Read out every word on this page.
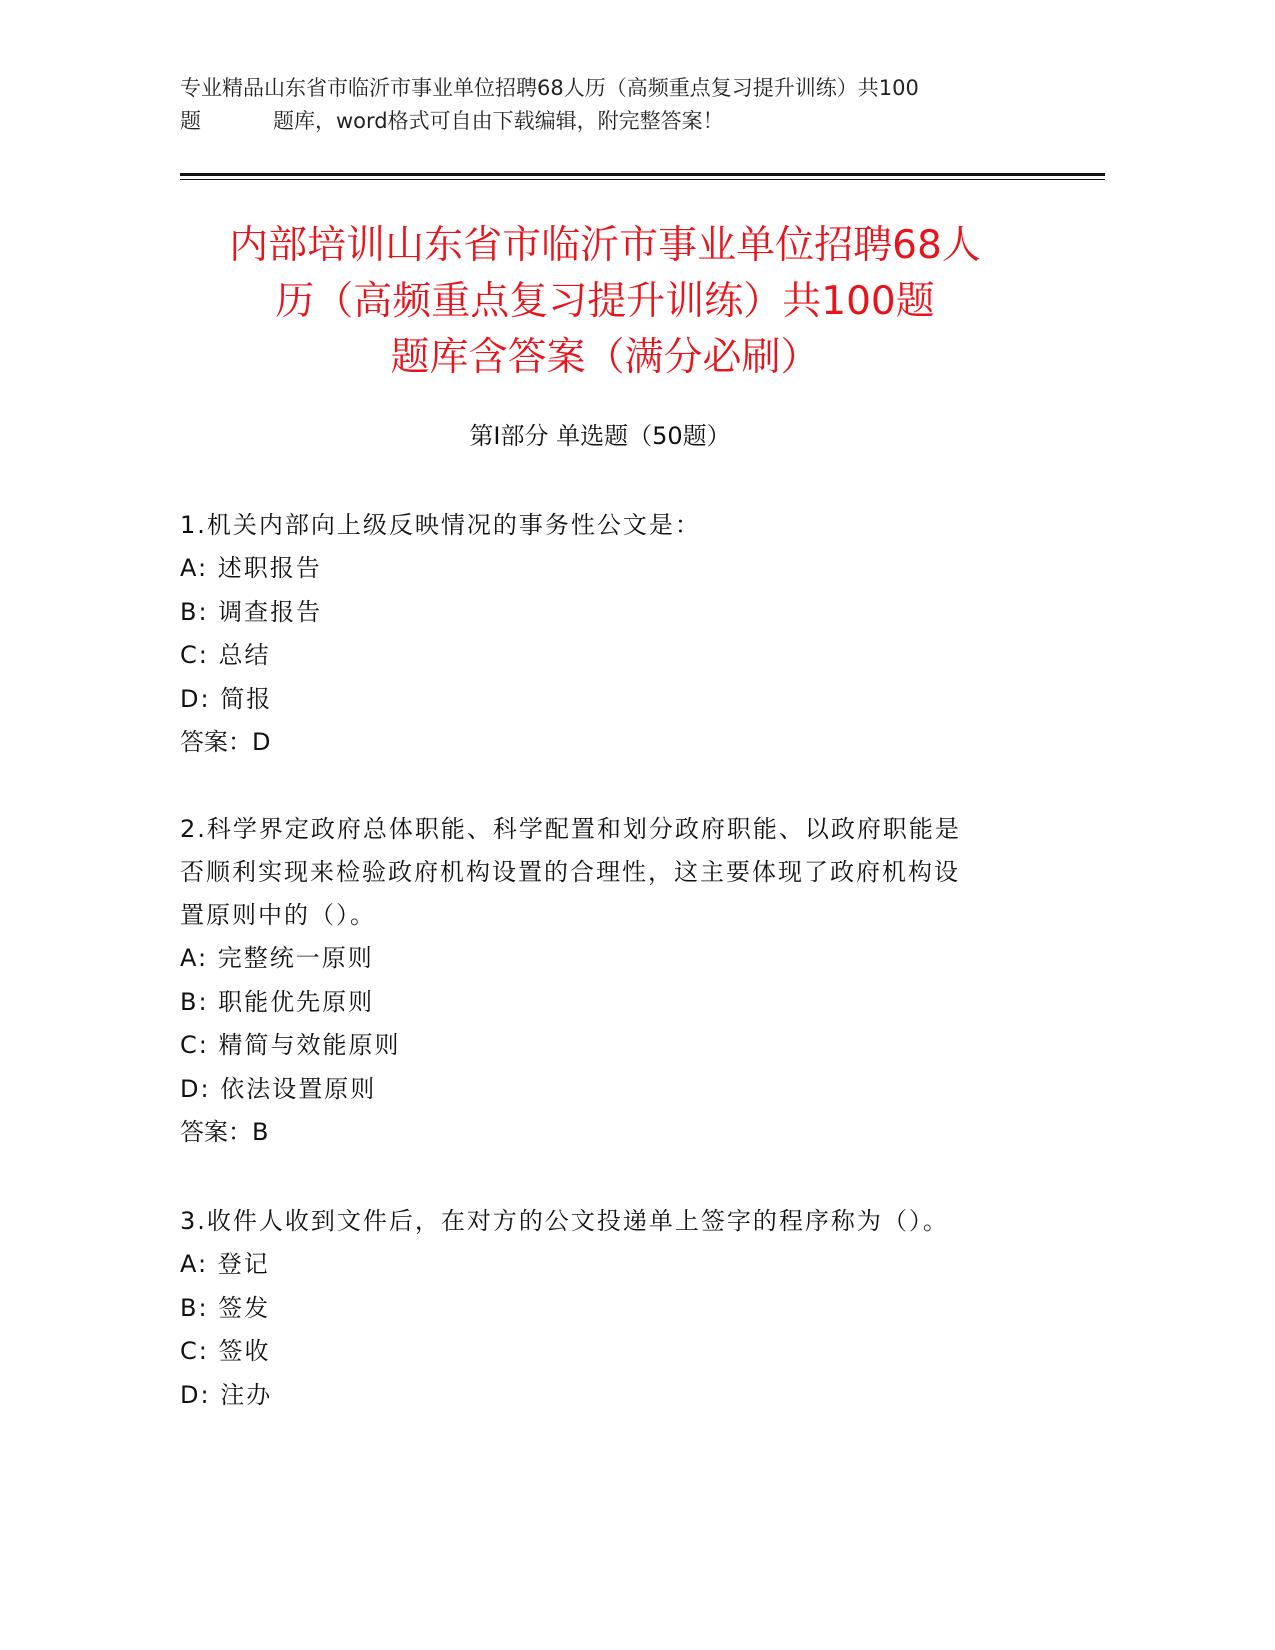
专业精品山东省市临沂市事业单位招聘68人历（高频重点复习提升训练）共100
题	题库，word格式可自由下载编辑，附完整答案！
内部培训山东省市临沂市事业单位招聘68人
历（高频重点复习提升训练）共100题
题库含答案（满分必刷）
第Ⅰ部分 单选题（50题）
1.机关内部向上级反映情况的事务性公文是：
A: 述职报告
B: 调查报告
C: 总结
D: 简报
答案：D
2.科学界定政府总体职能、科学配置和划分政府职能、以政府职能是
否顺利实现来检验政府机构设置的合理性，这主要体现了政府机构设
置原则中的（）。
A: 完整统一原则
B: 职能优先原则
C: 精简与效能原则
D: 依法设置原则
答案：B
3.收件人收到文件后，在对方的公文投递单上签字的程序称为（）。
A: 登记
B: 签发
C: 签收
D: 注办
